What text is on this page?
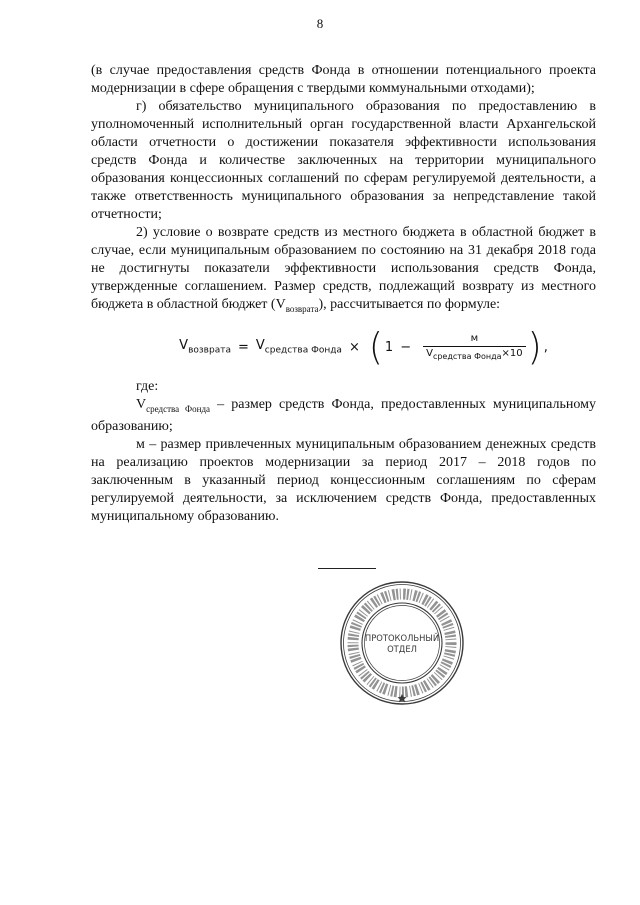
8

(в случае предоставления средств Фонда в отношении потенциального проекта модернизации в сфере обращения с твердыми коммунальными отходами);

г) обязательство муниципального образования по предоставлению в уполномоченный исполнительный орган государственной власти Архангельской области отчетности о достижении показателя эффективности использования средств Фонда и количестве заключенных на территории муниципального образования концессионных соглашений по сферам регулируемой деятельности, а также ответственность муниципального образования за непредставление такой отчетности;

2) условие о возврате средств из местного бюджета в областной бюджет в случае, если муниципальным образованием по состоянию на 31 декабря 2018 года не достигнуты показатели эффективности использования средств Фонда, утвержденные соглашением. Размер средств, подлежащий возврату из местного бюджета в областной бюджет $(V_{возврата})$, рассчитывается по формуле:

$V_{возврата} = V_{средства Фонда}$ × ( $1 - \frac{м}{V_{средства Фонда}\times 10}$ ) ,

где:

$V_{средства Фонда}$ – размер средств Фонда, предоставленных муниципальному образованию;

м – размер привлеченных муниципальным образованием денежных средств на реализацию проектов модернизации за период 2017 – 2018 годов по заключенным в указанный период концессионным соглашениям по сферам регулируемой деятельности, за исключением средств Фонда, предоставленных муниципальному образованию.

ПРОТОКОЛЬНЫЙ
ОТДЕЛ
